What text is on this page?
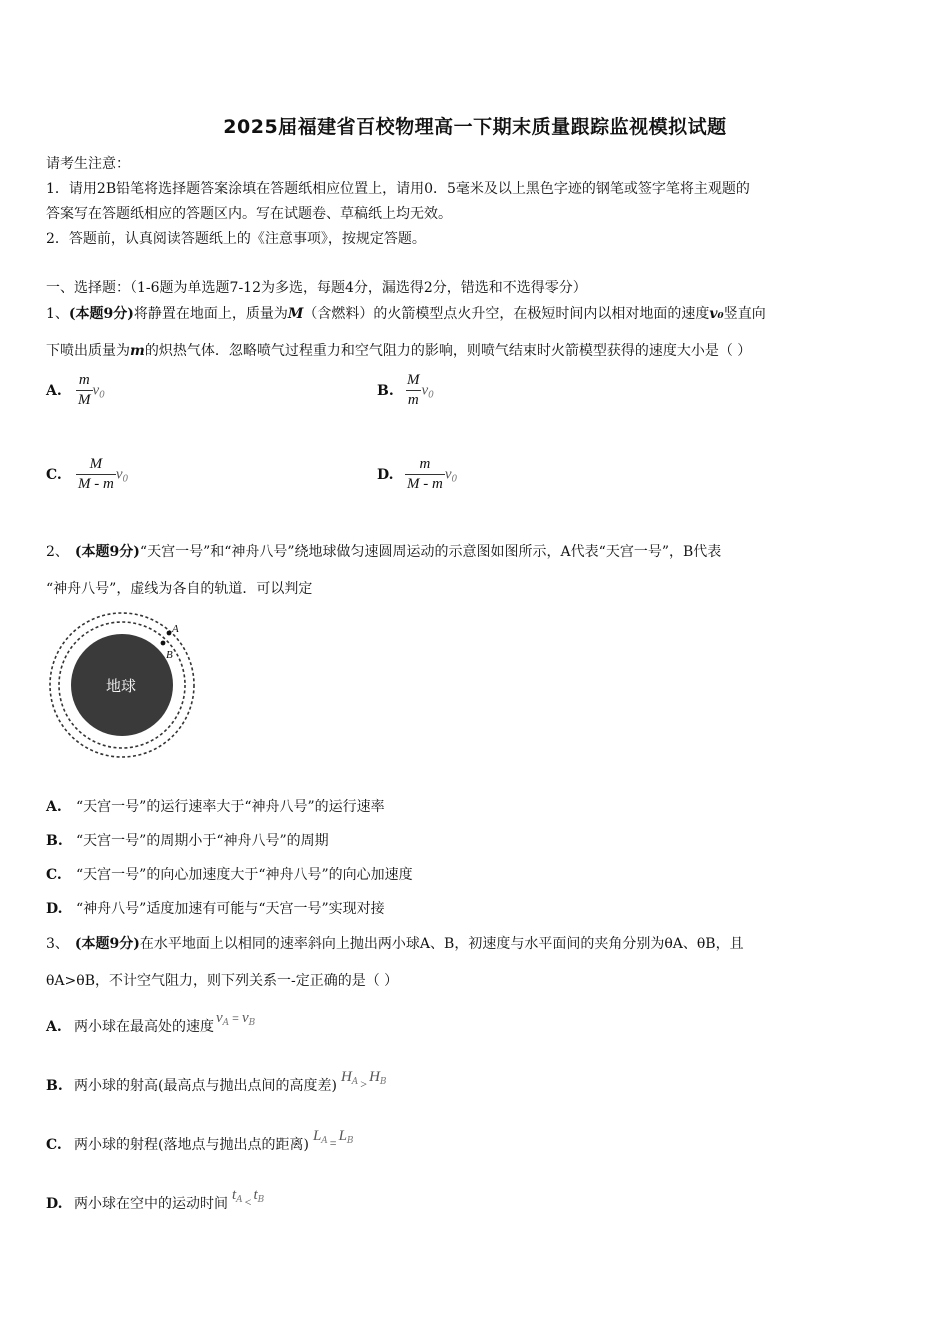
2025届福建省百校物理高一下期末质量跟踪监视模拟试题
请考生注意：
1．请用2B铅笔将选择题答案涂填在答题纸相应位置上，请用0．5毫米及以上黑色字迹的钢笔或签字笔将主观题的
答案写在答题纸相应的答题区内。写在试题卷、草稿纸上均无效。
2．答题前，认真阅读答题纸上的《注意事项》，按规定答题。
一、选择题：（1-6题为单选题7-12为多选，每题4分，漏选得2分，错选和不选得零分）
1、(本题9分)将静置在地面上，质量为M（含燃料）的火箭模型点火升空，在极短时间内以相对地面的速度v₀竖直向
下喷出质量为m的炽热气体．忽略喷气过程重力和空气阻力的影响，则喷气结束时火箭模型获得的速度大小是（ ）
A. $\frac{m}{M} v_0$	B. $\frac{M}{m} v_0$
C. $\frac{M}{M - m} v_0$	D. $\frac{m}{M - m} v_0$
2、 (本题9分)“天宫一号”和“神舟八号”绕地球做匀速圆周运动的示意图如图所示，A代表“天宫一号”，B代表
“神舟八号”，虚线为各自的轨道．可以判定
地球
A
B
A. “天宫一号”的运行速率大于“神舟八号”的运行速率
B. “天宫一号”的周期小于“神舟八号”的周期
C. “天宫一号”的向心加速度大于“神舟八号”的向心加速度
D. “神舟八号”适度加速有可能与“天宫一号”实现对接
3、 (本题9分)在水平地面上以相同的速率斜向上抛出两小球A、B，初速度与水平面间的夹角分别为θA、θB，且
θA>θB，不计空气阻力，则下列关系一-定正确的是（ ）
A. 两小球在最高处的速度$v_A = v_B$
B. 两小球的射高(最高点与抛出点间的高度差)$H_A > H_B$
C. 两小球的射程(落地点与抛出点的距离)$L_A = L_B$
D. 两小球在空中的运动时间$t_A < t_B$
